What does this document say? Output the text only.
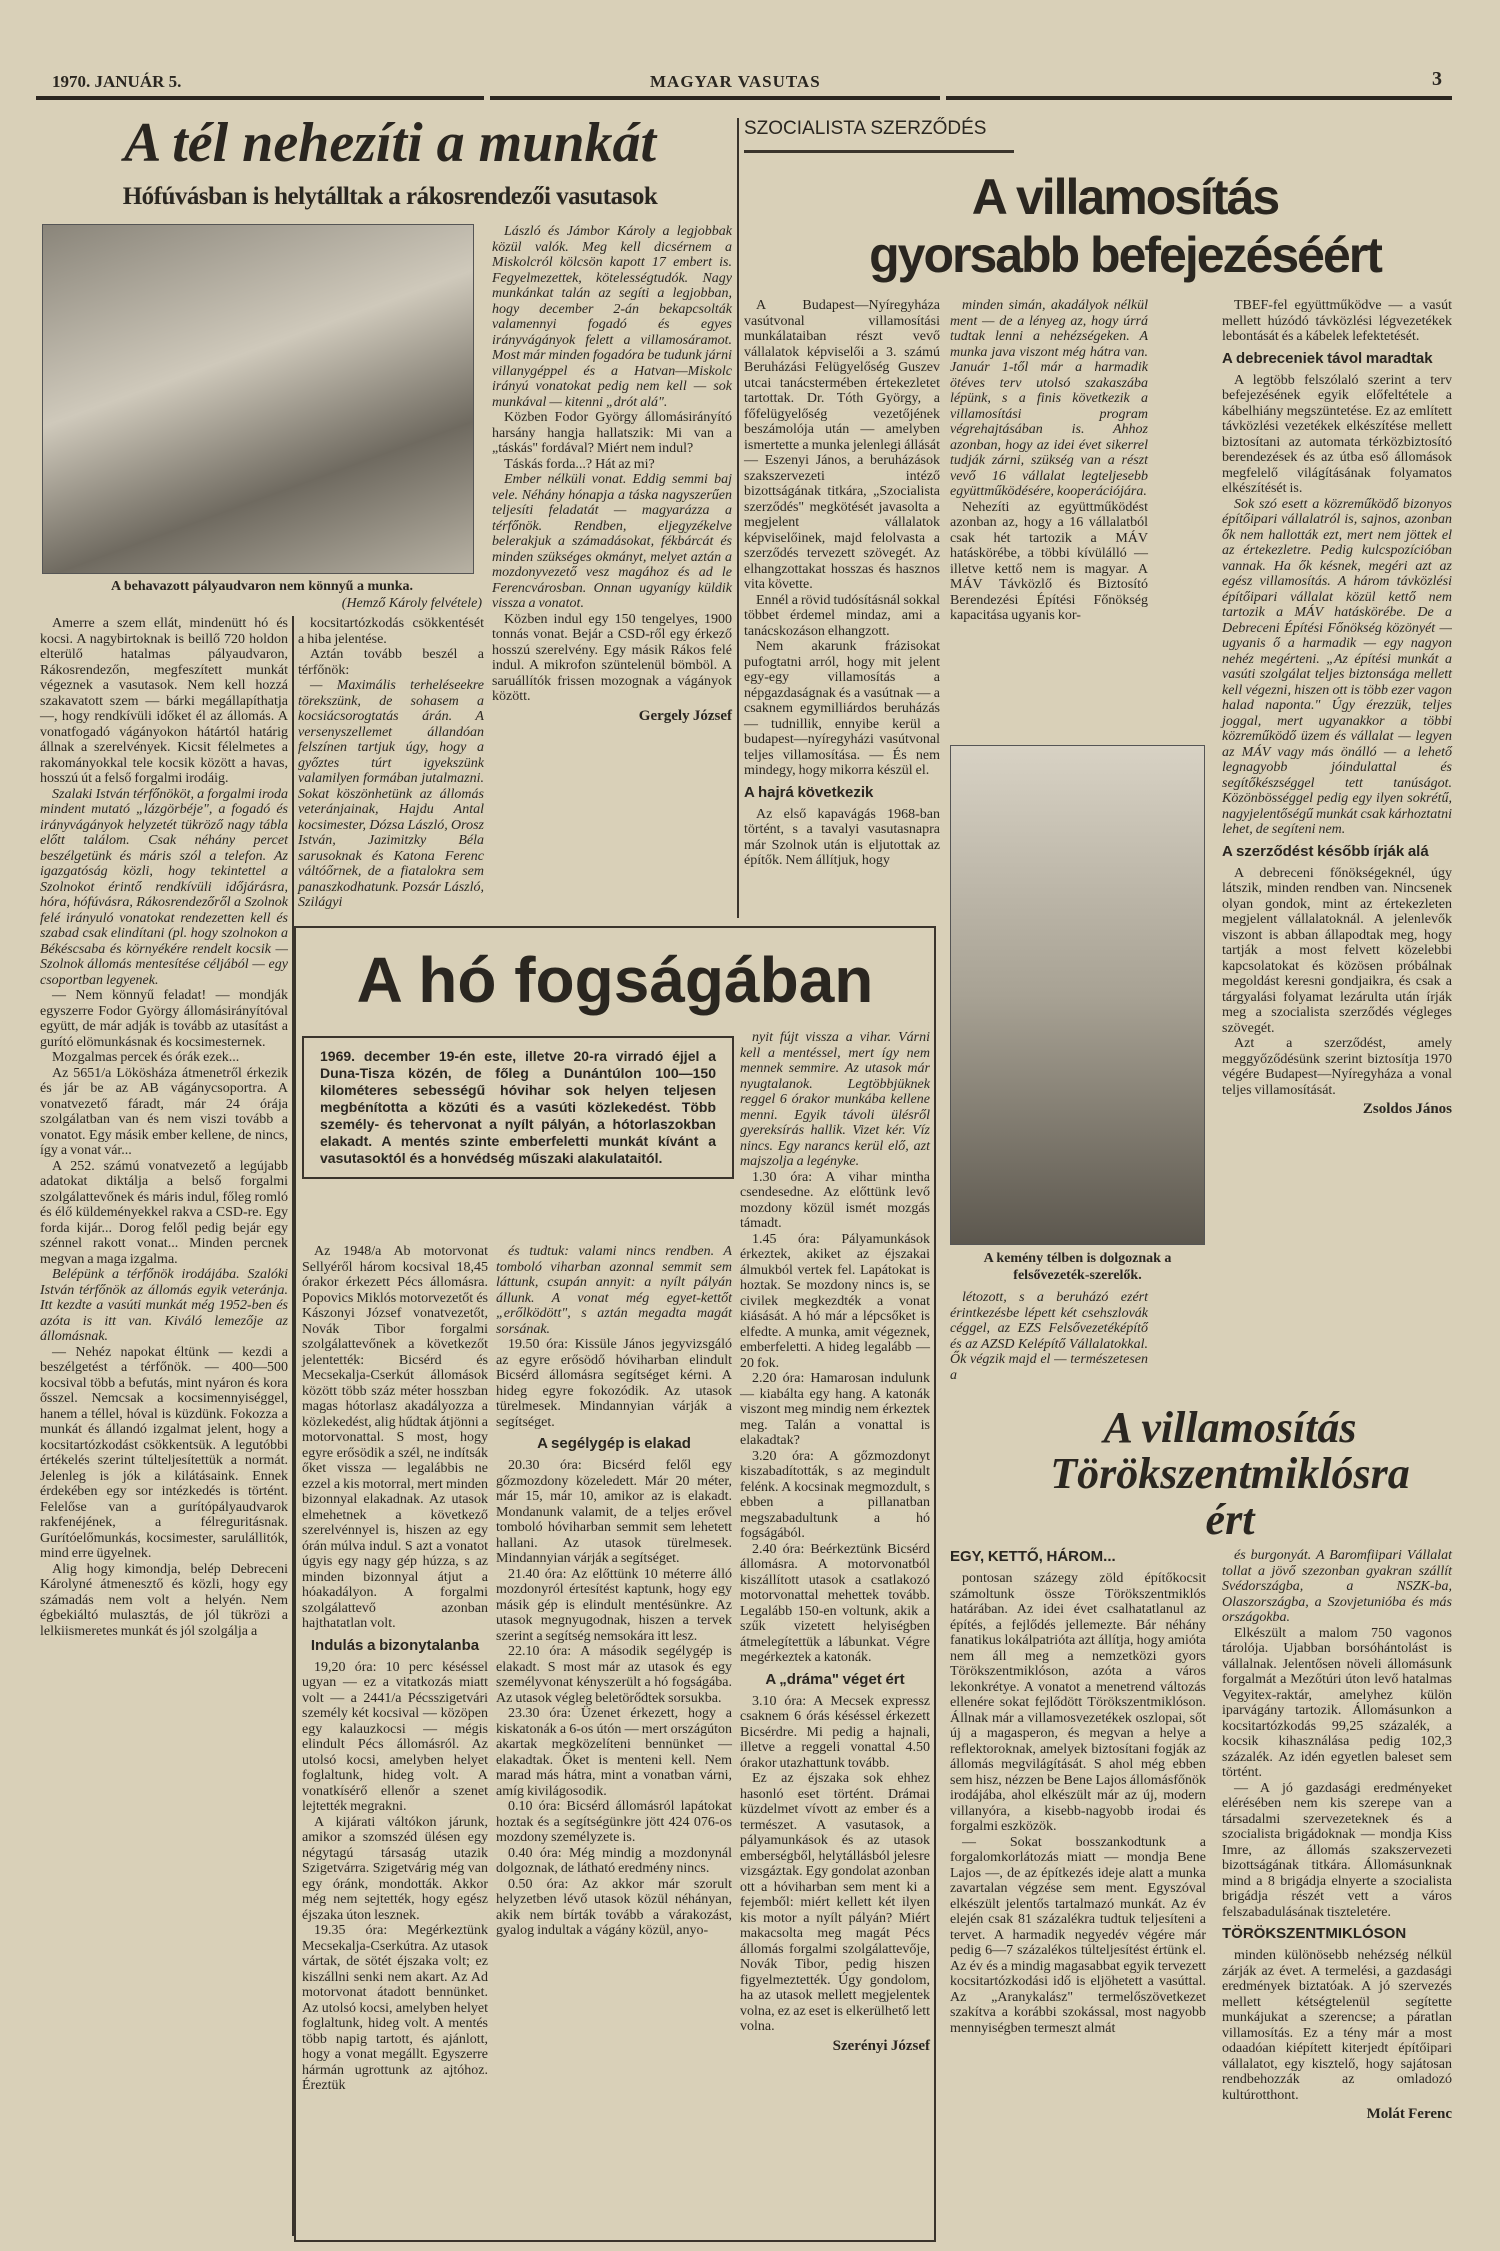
1970. JANUÁR 5.	MAGYAR VASUTAS	3
A tél nehezíti a munkát
Hófúvásban is helytálltak a rákosrendezői vasutasok
A behavazott pályaudvaron nem könnyű a munka.
(Hemző Károly felvétele)

Amerre a szem ellát, mindenütt hó és kocsi. A nagybirtoknak is beillő 720 holdon elterülő hatalmas pályaudvaron, Rákosrendezőn, megfeszített munkát végeznek a vasutasok. Nem kell hozzá szakavatott szem — bárki megállapíthatja —, hogy rendkívüli időket él az állomás. A vonatfogadó vágányokon hátártól határig állnak a szerelvények. Kicsit félelmetes a rakományokkal tele kocsik között a havas, hosszú út a felső forgalmi irodáig.

Szalaki István térfőnököt, a forgalmi iroda mindent mutató „lázgörbéje", a fogadó és irányvágányok helyzetét tükröző nagy tábla előtt találom. Csak néhány percet beszélgetünk és máris szól a telefon. Az igazgatóság közli, hogy tekintettel a Szolnokot érintő rendkívüli időjárásra, hóra, hófúvásra, Rákosrendezőről a Szolnok felé irányuló vonatokat rendezetten kell és szabad csak elindítani (pl. hogy szolnokon a Békéscsaba és környékére rendelt kocsik — Szolnok állomás mentesítése céljából — egy csoportban legyenek.

— Nem könnyű feladat! — mondják egyszerre Fodor György állomásirányítóval együtt, de már adják is tovább az utasítást a gurító elömunkásnak és kocsimesternek.

Mozgalmas percek és órák ezek...

Az 5651/a Lökösháza átmenetről érkezik és jár be az AB vágánycsoportra. A vonatvezető fáradt, már 24 órája szolgálatban van és nem viszi tovább a vonatot. Egy másik ember kellene, de nincs, így a vonat vár...

A 252. számú vonatvezető a legújabb adatokat diktálja a belső forgalmi szolgálattevőnek és máris indul, főleg romló és élő küldeményekkel rakva a CSD-re. Egy forda kijár... Dorog felől pedig bejár egy szénnel rakott vonat... Minden percnek megvan a maga izgalma.

Belépünk a térfőnök irodájába. Szalóki István térfőnök az állomás egyik veteránja. Itt kezdte a vasúti munkát még 1952-ben és azóta is itt van. Kiváló lemezője az állomásnak.

— Nehéz napokat éltünk — kezdi a beszélgetést a térfőnök. — 400—500 kocsival több a befutás, mint nyáron és kora ősszel. Nemcsak a kocsimennyiséggel, hanem a téllel, hóval is küzdünk. Fokozza a munkát és állandó izgalmat jelent, hogy a kocsitartózkodást csökkentsük. A legutóbbi értékelés szerint túlteljesítettük a normát. Jelenleg is jók a kilátásaink. Ennek érdekében egy sor intézkedés is történt. Felelőse van a gurítópályaudvarok rakfenéjének, a félreguritásnak. Gurítóelőmunkás, kocsimester, sarulállitók, mind erre ügyelnek.

Alig hogy kimondja, belép Debreceni Károlyné átmenesztő és közli, hogy egy számadás nem volt a helyén. Nem égbekiáltó mulasztás, de jól tükrözi a lelkiismeretes munkát és jól szolgálja a

kocsitartózkodás csökkentését a hiba jelentése.

Aztán tovább beszél a térfőnök:

— Maximális terheléseekre törekszünk, de sohasem a kocsiácsorogtatás árán. A versenyszellemet állandóan felszínen tartjuk úgy, hogy a győztes túrt igyekszünk valamilyen formában jutalmazni. Sokat köszönhetünk az állomás veteránjainak, Hajdu Antal kocsimester, Dózsa László, Orosz István, Jazimitzky Béla sarusoknak és Katona Ferenc váltóőrnek, de a fiatalokra sem panaszkodhatunk. Pozsár László, Szilágyi

László és Jámbor Károly a legjobbak közül valók. Meg kell dicsérnem a Miskolcról kölcsön kapott 17 embert is. Fegyelmezettek, kötelességtudók. Nagy munkánkat talán az segíti a legjobban, hogy december 2-án bekapcsolták valamennyi fogadó és egyes irányvágányok felett a villamosáramot. Most már minden fogadóra be tudunk járni villanygéppel és a Hatvan—Miskolc irányú vonatokat pedig nem kell — sok munkával — kitenni „drót alá".

Közben Fodor György állomásirányító harsány hangja hallatszik: Mi van a „táskás" fordával? Miért nem indul?

Táskás forda...? Hát az mi?

Ember nélküli vonat. Eddig semmi baj vele. Néhány hónapja a táska nagyszerűen teljesíti feladatát — magyarázza a térfőnök. Rendben, eljegyzékelve belerakjuk a számadásokat, fékbárcát és minden szükséges okmányt, melyet aztán a mozdonyvezető vesz magához és ad le Ferencvárosban. Onnan ugyanígy küldik vissza a vonatot.

Közben indul egy 150 tengelyes, 1900 tonnás vonat. Bejár a CSD-ről egy érkező hosszú szerelvény. Egy másik Rákos felé indul. A mikrofon szüntelenül bömböl. A saruállítók frissen mozognak a vágányok között.

Gergely József
A hó fogságában
1969. december 19-én este, illetve 20-ra virradó éjjel a Duna-Tisza közén, de főleg a Dunántúlon 100—150 kilométeres sebességű hóvihar sok helyen teljesen megbénította a közúti és a vasúti közlekedést. Több személy- és tehervonat a nyílt pályán, a hótorlaszokban elakadt. A mentés szinte emberfeletti munkát kívánt a vasutasoktól és a honvédség műszaki alakulataitól.

Az 1948/a Ab motorvonat Sellyéről három kocsival 18,45 órakor érkezett Pécs állomásra. Popovics Miklós motorvezetőt és Kászonyi József vonatvezetőt, Novák Tibor forgalmi szolgálattevőnek a következőt jelentették: Bicsérd és Mecsekalja-Cserkút állomások között több száz méter hosszban magas hótorlasz akadályozza a közlekedést, alig hűdtak átjönni a motorvonattal. S most, hogy egyre erősödik a szél, ne indítsák őket vissza — legalábbis ne ezzel a kis motorral, mert minden bizonnyal elakadnak. Az utasok elmehetnek a következő szerelvénnyel is, hiszen az egy órán múlva indul. S azt a vonatot úgyis egy nagy gép húzza, s az minden bizonnyal átjut a hóakadályon. A forgalmi szolgálattevő azonban hajthatatlan volt.

Indulás a bizonytalanba

19,20 óra: 10 perc késéssel ugyan — ez a vitatkozás miatt volt — a 2441/a Pécsszigetvári személy két kocsival — közöpen egy kalauzkocsi — mégis elindult Pécs állomásról. Az utolsó kocsi, amelyben helyet foglaltunk, hideg volt. A vonatkísérő ellenőr a szenet lejtették megrakni.

A kijárati váltókon járunk, amikor a szomszéd ülésen egy négytagú társaság utazik Szigetvárra. Szigetvárig még van egy óránk, mondották. Akkor még nem sejtették, hogy egész éjszaka úton lesznek.

19.35 óra: Megérkeztünk Mecsekalja-Cserkútra. Az utasok vártak, de sötét éjszaka volt; ez kiszállni senki nem akart. Az Ad motorvonat átadott bennünket. Az utolsó kocsi, amelyben helyet foglaltunk, hideg volt. A mentés több napig tartott, és ajánlott, hogy a vonat megállt. Egyszerre hármán ugrottunk az ajtóhoz. Éreztük

és tudtuk: valami nincs rendben. A tomboló viharban azonnal semmit sem láttunk, csupán annyit: a nyílt pályán állunk. A vonat még egyet-kettőt „erőlködött", s aztán megadta magát sorsának.

19.50 óra: Kissüle János jegyvizsgáló az egyre erősödő hóviharban elindult Bicsérd állomásra segítséget kérni. A hideg egyre fokozódik. Az utasok türelmesek. Mindannyian várják a segítséget.

A segélygép is elakad

20.30 óra: Bicsérd felől egy gőzmozdony közeledett. Már 20 méter, már 15, már 10, amikor az is elakadt. Mondanunk valamit, de a teljes erővel tomboló hóviharban semmit sem lehetett hallani. Az utasok türelmesek. Mindannyian várják a segítséget.

21.40 óra: Az előttünk 10 méterre álló mozdonyról értesítést kaptunk, hogy egy másik gép is elindult mentésünkre. Az utasok megnyugodnak, hiszen a tervek szerint a segítség nemsokára itt lesz.

22.10 óra: A második segélygép is elakadt. S most már az utasok és egy személyvonat kényszerült a hó fogságába. Az utasok végleg beletörődtek sorsukba.

23.30 óra: Üzenet érkezett, hogy a kiskatonák a 6-os útón — mert országúton akartak megközelíteni bennünket — elakadtak. Őket is menteni kell. Nem marad más hátra, mint a vonatban várni, amíg kivilágosodik.

0.10 óra: Bicsérd állomásról lapátokat hoztak és a segítségünkre jött 424 076-os mozdony személyzete is.

0.40 óra: Még mindig a mozdonynál dolgoznak, de látható eredmény nincs.

0.50 óra: Az akkor már szorult helyzetben lévő utasok közül néhányan, akik nem bírták tovább a várakozást, gyalog indultak a vágány közül, anyo-

nyit fújt vissza a vihar. Várni kell a mentéssel, mert így nem mennek semmire. Az utasok már nyugtalanok. Legtöbbjüknek reggel 6 órakor munkába kellene menni. Egyik távoli ülésről gyereksírás hallik. Vizet kér. Víz nincs. Egy narancs kerül elő, azt majszolja a legényke.

1.30 óra: A vihar mintha csendesedne. Az előttünk levő mozdony közül ismét mozgás támadt.

1.45 óra: Pályamunkások érkeztek, akiket az éjszakai álmukból vertek fel. Lapátokat is hoztak. Se mozdony nincs is, se civilek megkezdték a vonat kiásását. A hó már a lépcsőket is elfedte. A munka, amit végeznek, emberfeletti. A hideg legalább —20 fok.

2.20 óra: Hamarosan indulunk — kiabálta egy hang. A katonák viszont meg mindig nem érkeztek meg. Talán a vonattal is elakadtak?

3.20 óra: A gőzmozdonyt kiszabadították, s az megindult felénk. A kocsinak megmozdult, s ebben a pillanatban megszabadultunk a hó fogságából.

2.40 óra: Beérkeztünk Bicsérd állomásra. A motorvonatból kiszállított utasok a csatlakozó motorvonattal mehettek tovább. Legalább 150-en voltunk, akik a szűk vizetett helyiségben átmelegítettük a lábunkat. Végre megérkeztek a katonák.

A „dráma" véget ért

3.10 óra: A Mecsek expressz csaknem 6 órás késéssel érkezett Bicsérdre. Mi pedig a hajnali, illetve a reggeli vonattal 4.50 órakor utazhattunk tovább.

Ez az éjszaka sok ehhez hasonló eset történt. Drámai küzdelmet vívott az ember és a természet. A vasutasok, a pályamunkások és az utasok emberségből, helytállásból jelesre vizsgáztak. Egy gondolat azonban ott a hóviharban sem ment ki a fejemből: miért kellett két ilyen kis motor a nyílt pályán? Miért makacsolta meg magát Pécs állomás forgalmi szolgálattevője, Novák Tibor, pedig hiszen figyelmeztették. Úgy gondolom, ha az utasok mellett megjelentek volna, ez az eset is elkerülhető lett volna.

Szerényi József
SZOCIALISTA SZERZŐDÉS
A villamosítás
gyorsabb befejezéséért

A Budapest—Nyíregyháza vasútvonal villamosítási munkálataiban részt vevő vállalatok képviselői a 3. számú Beruházási Felügyelőség Guszev utcai tanácstermében értekezletet tartottak. Dr. Tóth György, a főfelügyelőség vezetőjének beszámolója után — amelyben ismertette a munka jelenlegi állását — Eszenyi János, a beruházások szakszervezeti intéző bizottságának titkára, „Szocialista szerződés" megkötését javasolta a megjelent vállalatok képviselőinek, majd felolvasta a szerződés tervezett szövegét. Az elhangzottakat hosszas és hasznos vita követte.

Ennél a rövid tudósításnál sokkal többet érdemel mindaz, ami a tanácskozáson elhangzott.

Nem akarunk frázisokat pufogtatni arról, hogy mit jelent egy-egy villamosítás a népgazdaságnak és a vasútnak — a csaknem egymilliárdos beruházás — tudnillik, ennyibe kerül a budapest—nyíregyházi vasútvonal teljes villamosítása. — És nem mindegy, hogy mikorra készül el.

A hajrá következik

Az első kapavágás 1968-ban történt, s a tavalyi vasutasnapra már Szolnok után is eljutottak az építők. Nem állítjuk, hogy

minden simán, akadályok nélkül ment — de a lényeg az, hogy úrrá tudtak lenni a nehézségeken. A munka java viszont még hátra van. Január 1-től már a harmadik ötéves terv utolsó szakaszába lépünk, s a finis következik a villamosítási program végrehajtásában is. Ahhoz azonban, hogy az idei évet sikerrel tudják zárni, szükség van a részt vevő 16 vállalat legteljesebb együttműködésére, kooperációjára.

Nehezíti az együttműködést azonban az, hogy a 16 vállalatból csak hét tartozik a MÁV hatáskörébe, a többi kívülálló — illetve kettő nem is magyar. A MÁV Távközlő és Biztosító Berendezési Építési Főnökség kapacitása ugyanis kor-

A kemény télben is dolgoznak a felsővezeték-szerelők.

létozott, s a beruházó ezért érintkezésbe lépett két csehszlovák céggel, az EZS Felsővezetéképítő és az AZSD Kelépítő Vállalatokkal. Ők végzik majd el — természetesen a

TBEF-fel együttműködve — a vasút mellett húzódó távközlési légvezetékek lebontását és a kábelek lefektetését.

A debreceniek távol maradtak

A legtöbb felszólaló szerint a terv befejezésének egyik előfeltétele a kábelhiány megszüntetése. Ez az említett távközlési vezetékek elkészítése mellett biztosítani az automata térközbiztosító berendezések és az útba eső állomások megfelelő világításának folyamatos elkészítését is.

Sok szó esett a közreműködő bizonyos építőipari vállalatról is, sajnos, azonban ők nem hallották ezt, mert nem jöttek el az értekezletre. Pedig kulcspozícióban vannak. Ha ők késnek, megéri azt az egész villamosítás. A három távközlési építőipari vállalat közül kettő nem tartozik a MÁV hatáskörébe. De a Debreceni Építési Főnökség közönyét — ugyanis ő a harmadik — egy nagyon nehéz megérteni. „Az építési munkát a vasúti szolgálat teljes biztonsága mellett kell végezni, hiszen ott is több ezer vagon halad naponta." Úgy érezzük, teljes joggal, mert ugyanakkor a többi közreműködő üzem és vállalat — legyen az MÁV vagy más önálló — a lehető legnagyobb jóindulattal és segítőkészséggel tett tanúságot. Közönbösséggel pedig egy ilyen sokrétű, nagyjelentőségű munkát csak kárhoztatni lehet, de segíteni nem.

A szerződést később írják alá

A debreceni főnökségeknél, úgy látszik, minden rendben van. Nincsenek olyan gondok, mint az értekezleten megjelent vállalatoknál. A jelenlevők viszont is abban állapodtak meg, hogy tartják a most felvett közelebbi kapcsolatokat és közösen próbálnak megoldást keresni gondjaikra, és csak a tárgyalási folyamat lezárulta után írják meg a szocialista szerződés végleges szövegét.

Azt a szerződést, amely meggyőződésünk szerint biztosítja 1970 végére Budapest—Nyíregyháza a vonal teljes villamosítását.

Zsoldos János
A villamosítás
Törökszentmiklósra
ért
EGY, KETTŐ, HÁROM...

pontosan százegy zöld építőkocsit számoltunk össze Törökszentmiklós határában. Az idei évet csalhatatlanul az építés, a fejlődés jellemezte. Bár néhány fanatikus lokálpatrióta azt állítja, hogy amióta nem áll meg a nemzetközi gyors Törökszentmiklóson, azóta a város lekonkrétye. A vonatot a menetrend változás ellenére sokat fejlődött Törökszentmiklóson. Állnak már a villamosvezetékek oszlopai, sőt új a magasperon, és megvan a helye a reflektoroknak, amelyek biztosítani fogják az állomás megvilágítását. S ahol még ebben sem hisz, nézzen be Bene Lajos állomásfőnök irodájába, ahol elkészült már az új, modern villanyóra, a kisebb-nagyobb irodai és forgalmi eszközök.

— Sokat bosszankodtunk a forgalomkorlátozás miatt — mondja Bene Lajos —, de az építkezés ideje alatt a munka zavartalan végzése sem ment. Egyszóval elkészült jelentős tartalmazó munkát. Az év elején csak 81 százalékra tudtuk teljesíteni a tervet. A harmadik negyedév végére már pedig 6—7 százalékos túlteljesítést értünk el. Az év és a mindig magasabbat egyik tervezett kocsitartózkodási idő is eljöhetett a vasúttal. Az „Aranykalász" termelőszövetkezet szakítva a korábbi szokással, most nagyobb mennyiségben termeszt almát

és burgonyát. A Baromfiipari Vállalat tollat a jövő szezonban gyakran szállít Svédországba, a NSZK-ba, Olaszországba, a Szovjetunióba és más országokba.

Elkészült a malom 750 vagonos tárolója. Ujabban borsóhántolást is vállalnak. Jelentősen növeli állomásunk forgalmát a Mezőtúri úton levő hatalmas Vegyitex-raktár, amelyhez külön iparvágány tartozik. Állomásunkon a kocsitartózkodás 99,25 százalék, a kocsik kihasználása pedig 102,3 százalék. Az idén egyetlen baleset sem történt.

— A jó gazdasági eredményeket elérésében nem kis szerepe van a társadalmi szervezeteknek és a szocialista brigádoknak — mondja Kiss Imre, az állomás szakszervezeti bizottságának titkára. Állomásunknak mind a 8 brigádja elnyerte a szocialista brigádja részét vett a város felszabadulásának tiszteletére.

TÖRÖKSZENTMIKLÓSON

minden különösebb nehézség nélkül zárják az évet. A termelési, a gazdasági eredmények biztatóak. A jó szervezés mellett kétségtelenül segítette munkájukat a szerencse; a páratlan villamosítás. Ez a tény már a most odaadóan kiépített kiterjedt építőipari vállalatot, egy kisztelő, hogy sajátosan rendbehozzák az omladozó kultúrotthont.

Molát Ferenc
